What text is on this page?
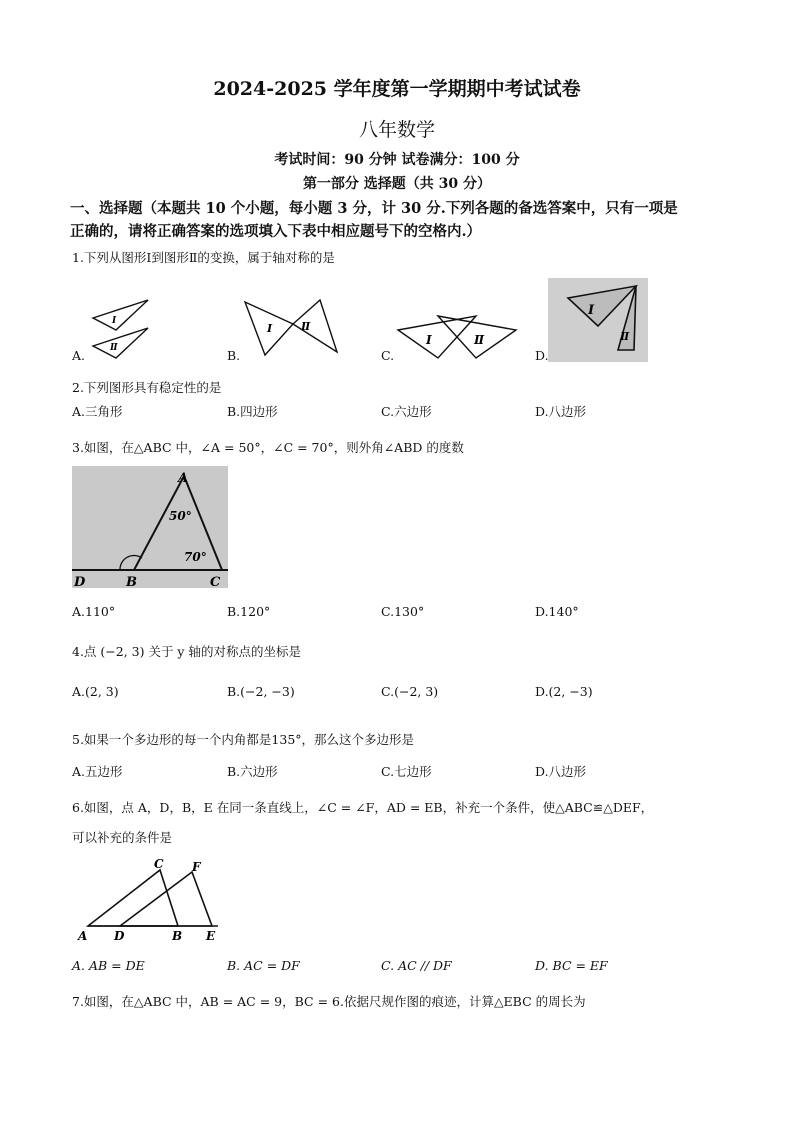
2024-2025 学年度第一学期期中考试试卷
八年数学
考试时间：90 分钟 试卷满分：100 分
第一部分 选择题（共 30 分）
一、选择题（本题共 10 个小题，每小题 3 分，计 30 分.下列各题的备选答案中，只有一项是
正确的，请将正确答案的选项填入下表中相应题号下的空格内.）
1.下列从图形Ⅰ到图形Ⅱ的变换，属于轴对称的是
Ⅰ
Ⅱ
A.
Ⅰ	Ⅱ
B.
Ⅰ	Ⅱ
C.
Ⅰ
Ⅱ
D.
2.下列图形具有稳定性的是
A.三角形	B.四边形	C.六边形	D.八边形
3.如图，在△ABC 中，∠A = 50°，∠C = 70°，则外角∠ABD 的度数
A
B	C
D
50°
70°
A.110°	B.120°	C.130°	D.140°
4.点 (−2, 3) 关于 y 轴的对称点的坐标是
A.(2, 3)	B.(−2, −3)	C.(−2, 3)	D.(2, −3)
5.如果一个多边形的每一个内角都是135°，那么这个多边形是
A.五边形	B.六边形	C.七边形	D.八边形
6.如图，点 A，D，B，E 在同一条直线上，∠C = ∠F，AD = EB，补充一个条件，使△ABC≌△DEF，
可以补充的条件是
A D	B E
C F
A. AB = DE	B. AC = DF	C. AC // DF	D. BC = EF
7.如图，在△ABC 中，AB = AC = 9，BC = 6.依据尺规作图的痕迹，计算△EBC 的周长为
